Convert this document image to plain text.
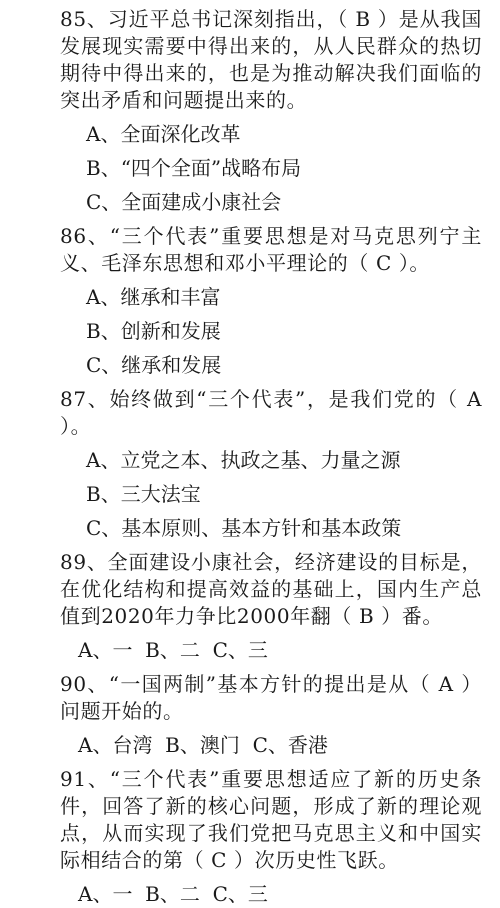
85、习近平总书记深刻指出，（ B ）是从我国发展现实需要中得出来的，从人民群众的热切期待中得出来的，也是为推动解决我们面临的突出矛盾和问题提出来的。

A、全面深化改革
B、“四个全面”战略布局
C、全面建成小康社会

86、“三个代表”重要思想是对马克思列宁主义、毛泽东思想和邓小平理论的（ C ）。

A、继承和丰富
B、创新和发展
C、继承和发展

87、始终做到“三个代表”，是我们党的（ A ）。

A、立党之本、执政之基、力量之源
B、三大法宝
C、基本原则、基本方针和基本政策

89、全面建设小康社会，经济建设的目标是，在优化结构和提高效益的基础上，国内生产总值到2020年力争比2000年翻（ B ）番。

A、一  B、二  C、三

90、“一国两制”基本方针的提出是从（ A ）问题开始的。

A、台湾  B、澳门  C、香港

91、“三个代表”重要思想适应了新的历史条件，回答了新的核心问题，形成了新的理论观点，从而实现了我们党把马克思主义和中国实际相结合的第（ C ）次历史性飞跃。

A、一  B、二  C、三
